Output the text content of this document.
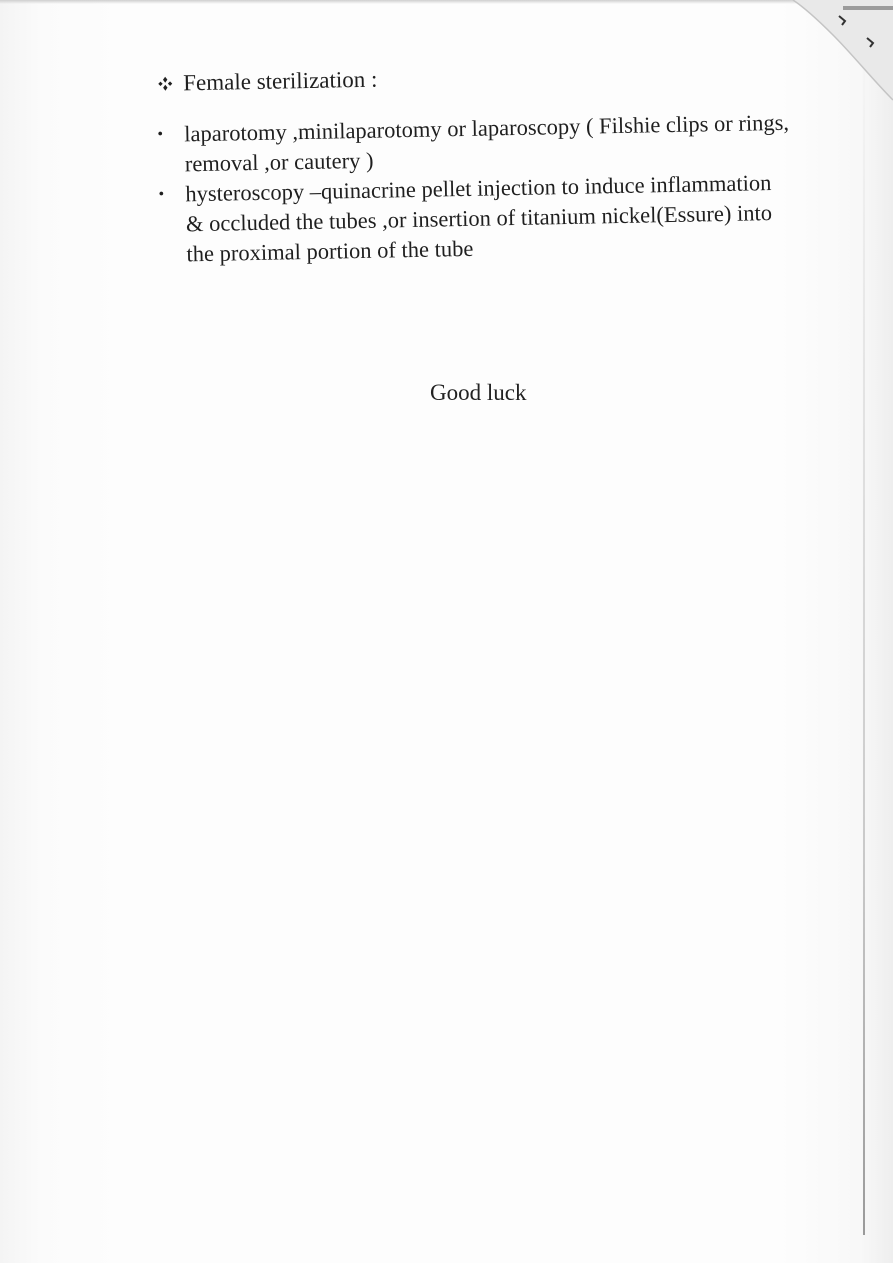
Female sterilization :
• laparotomy ,minilaparotomy or laparoscopy ( Filshie clips or rings, removal ,or cautery )
• hysteroscopy –quinacrine pellet injection to induce inflammation & occluded the tubes ,or insertion of titanium nickel(Essure) into the proximal portion of the tube
Good luck
